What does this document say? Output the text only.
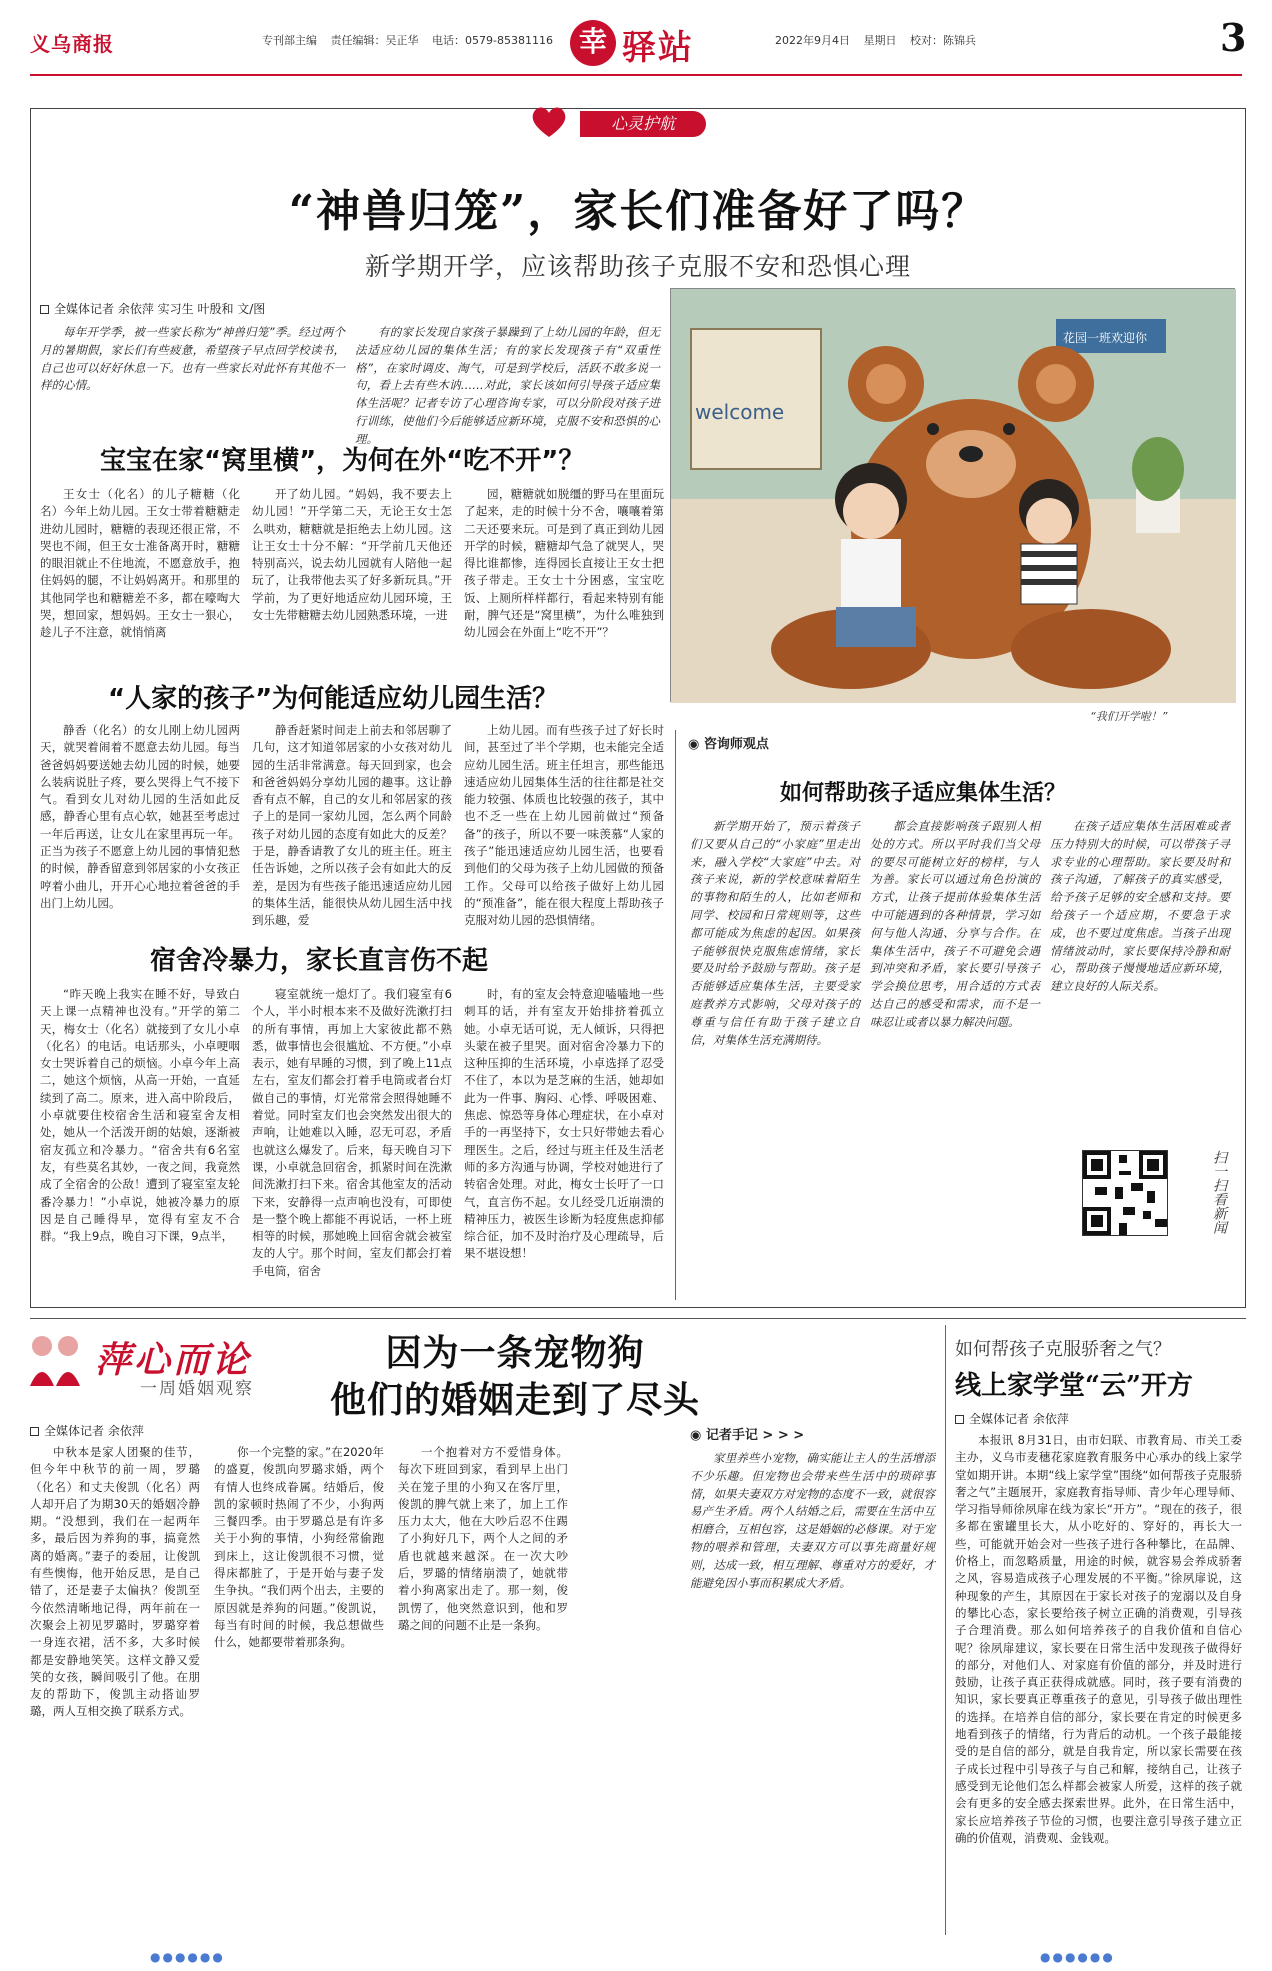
义乌商报	专刊部主编 责任编辑：吴正华 电话：0579-85381116 幸 驿站	2022年9月4日 星期日 校对：陈锦兵	3
心灵护航
“神兽归笼”，家长们准备好了吗？
新学期开学，应该帮助孩子克服不安和恐惧心理
全媒体记者 余依萍 实习生 叶殷和 文/图
每年开学季，被一些家长称为“神兽归笼”季。经过两个月的暑期假，家长们有些疲惫，希望孩子早点回学校读书，自己也可以好好休息一下。也有一些家长对此怀有其他不一样的心情。
有的家长发现自家孩子暴躁到了上幼儿园的年龄，但无法适应幼儿园的集体生活；有的家长发现孩子有“双重性格”，在家时调皮、淘气，可是到学校后，活跃不敢多说一句，看上去有些木讷……对此，家长该如何引导孩子适应集体生活呢？记者专访了心理咨询专家，可以分阶段对孩子进行训练，使他们今后能够适应新环境，克服不安和恐惧的心理。
宝宝在家“窝里横”，为何在外“吃不开”？
王女士（化名）的儿子糖糖（化名）今年上幼儿园。王女士带着糖糖走进幼儿园时，糖糖的表现还很正常，不哭也不闹，但王女士准备离开时，糖糖的眼泪就止不住地流，不愿意放手，抱住妈妈的腿，不让妈妈离开。和那里的其他同学也和糖糖差不多，都在嚎啕大哭，想回家，想妈妈。王女士一狠心，趁儿子不注意，就悄悄离
开了幼儿园。“妈妈，我不要去上幼儿园！”开学第二天，无论王女士怎么哄劝，糖糖就是拒绝去上幼儿园。这让王女士十分不解：“开学前几天他还特别高兴，说去幼儿园就有人陪他一起玩了，让我带他去买了好多新玩具。”开学前，为了更好地适应幼儿园环境，王女士先带糖糖去幼儿园熟悉环境，一进
园，糖糖就如脱缰的野马在里面玩了起来，走的时候十分不舍，嚷嚷着第二天还要来玩。可是到了真正到幼儿园开学的时候，糖糖却气急了就哭人，哭得比谁都惨，连得园长直接让王女士把孩子带走。王女士十分困惑，宝宝吃饭、上厕所样样都行，看起来特别有能耐，脾气还是“窝里横”，为什么唯独到幼儿园会在外面上“吃不开”？
“人家的孩子”为何能适应幼儿园生活？
静香（化名）的女儿刚上幼儿园两天，就哭着闹着不愿意去幼儿园。每当爸爸妈妈要送她去幼儿园的时候，她要么装病说肚子疼，要么哭得上气不接下气。看到女儿对幼儿园的生活如此反感，静香心里有点心软，她甚至考虑过一年后再送，让女儿在家里再玩一年。正当为孩子不愿意上幼儿园的事情犯愁的时候，静香留意到邻居家的小女孩正哼着小曲儿，开开心心地拉着爸爸的手出门上幼儿园。
静香赶紧时间走上前去和邻居聊了几句，这才知道邻居家的小女孩对幼儿园的生活非常满意。每天回到家，也会和爸爸妈妈分享幼儿园的趣事。这让静香有点不解，自己的女儿和邻居家的孩子上的是同一家幼儿园，怎么两个同龄孩子对幼儿园的态度有如此大的反差？于是，静香请教了女儿的班主任。班主任告诉她，之所以孩子会有如此大的反差，是因为有些孩子能迅速适应幼儿园的集体生活，能很快从幼儿园生活中找到乐趣，爱
上幼儿园。而有些孩子过了好长时间，甚至过了半个学期，也未能完全适应幼儿园生活。班主任坦言，那些能迅速适应幼儿园集体生活的往往都是社交能力较强、体质也比较强的孩子，其中也不乏一些在上幼儿园前做过“预备备”的孩子，所以不要一味羡慕“人家的孩子”能迅速适应幼儿园生活，也要看到他们的父母为孩子上幼儿园做的预备工作。父母可以给孩子做好上幼儿园的“预准备”，能在很大程度上帮助孩子克服对幼儿园的恐惧情绪。
宿舍冷暴力，家长直言伤不起
“昨天晚上我实在睡不好，导致白天上课一点精神也没有。”开学的第二天，梅女士（化名）就接到了女儿小卓（化名）的电话。电话那头，小卓哽咽女士哭诉着自己的烦恼。小卓今年上高二，她这个烦恼，从高一开始，一直延续到了高二。原来，进入高中阶段后，小卓就要住校宿舍生活和寝室舍友相处，她从一个活泼开朗的姑娘，逐渐被宿友孤立和冷暴力。“宿舍共有6名室友，有些莫名其妙，一夜之间，我竟然成了全宿舍的公敌！遭到了寝室室友轮番冷暴力！”小卓说，她被冷暴力的原因是自己睡得早，宽得有室友不合群。“我上9点，晚自习下课，9点半，
寝室就统一熄灯了。我们寝室有6个人，半小时根本来不及做好洗漱打扫的所有事情，再加上大家彼此都不熟悉，做事情也会很尴尬、不方便。”小卓表示，她有早睡的习惯，到了晚上11点左右，室友们都会打着手电筒或者台灯做自己的事情，灯光常常会照得她睡不着觉。同时室友们也会突然发出很大的声响，让她难以入睡，忍无可忍，矛盾也就这么爆发了。后来，每天晚自习下课，小卓就急回宿舍，抓紧时间在洗漱间洗漱打扫下来。宿舍其他室友的活动下来，安静得一点声响也没有，可即使是一整个晚上都能不再说话，一杯上班相等的时候，那她晚上回宿舍就会被室友的人宁。那个时间，室友们都会打着手电筒，宿舍
时，有的室友会特意迎嗑嗑地一些刺耳的话，并有室友开始排挤着孤立她。小卓无话可说，无人倾诉，只得把头蒙在被子里哭。面对宿舍冷暴力下的这种压抑的生活环境，小卓选择了忍受不住了，本以为是芝麻的生活，她却如此为一件事、胸闷、心悸、呼吸困难、焦虑、惊恐等身体心理症状，在小卓对手的一再坚持下，女士只好带她去看心理医生。之后，经过与班主任及生活老师的多方沟通与协调，学校对她进行了转宿舍处理。对此，梅女士长吁了一口气，直言伤不起。女儿经受几近崩溃的精神压力，被医生诊断为轻度焦虑抑郁综合征，加不及时治疗及心理疏导，后果不堪设想！
welcome
花园一班欢迎你
“我们开学啦！”
◉ 咨询师观点
如何帮助孩子适应集体生活？
新学期开始了，预示着孩子们又要从自己的“小家庭”里走出来，融入学校“大家庭”中去。对孩子来说，新的学校意味着陌生的事物和陌生的人，比如老师和同学、校园和日常规则等，这些都可能成为焦虑的起因。如果孩子能够很快克服焦虑情绪，家长要及时给予鼓励与帮助。孩子是否能够适应集体生活，主要受家庭教养方式影响，父母对孩子的尊重与信任有助于孩子建立自信，对集体生活充满期待。
都会直接影响孩子跟别人相处的方式。所以平时我们当父母的要尽可能树立好的榜样，与人为善。家长可以通过角色扮演的方式，让孩子提前体验集体生活中可能遇到的各种情景，学习如何与他人沟通、分享与合作。在集体生活中，孩子不可避免会遇到冲突和矛盾，家长要引导孩子学会换位思考，用合适的方式表达自己的感受和需求，而不是一味忍让或者以暴力解决问题。
在孩子适应集体生活困难或者压力特别大的时候，可以带孩子寻求专业的心理帮助。家长要及时和孩子沟通，了解孩子的真实感受，给予孩子足够的安全感和支持。要给孩子一个适应期，不要急于求成，也不要过度焦虑。当孩子出现情绪波动时，家长要保持冷静和耐心，帮助孩子慢慢地适应新环境，建立良好的人际关系。
扫一扫看新闻
萍心而论
一周婚姻观察
因为一条宠物狗
他们的婚姻走到了尽头
全媒体记者 余依萍
中秋本是家人团聚的佳节，但今年中秋节的前一周，罗璐（化名）和丈夫俊凯（化名）两人却开启了为期30天的婚姻冷静期。“没想到，我们在一起两年多，最后因为养狗的事，搞竟然离的婚离。”妻子的委屈，让俊凯有些懊悔，他开始反思，是自己错了，还是妻子太偏执？俊凯至今依然清晰地记得，两年前在一次聚会上初见罗璐时，罗璐穿着一身连衣裙，活不多，大多时候都是安静地笑笑。这样文静又爱笑的女孩，瞬间吸引了他。在朋友的帮助下，俊凯主动搭讪罗璐，两人互相交换了联系方式。
你一个完整的家。”在2020年的盛夏，俊凯向罗璐求婚，两个有情人也终成眷属。结婚后，俊凯的家顿时热闹了不少，小狗两三餐四季。由于罗璐总是有许多关于小狗的事情，小狗经常偷跑到床上，这让俊凯很不习惯，觉得床都脏了，于是开始与妻子发生争执。“我们两个出去，主要的原因就是养狗的问题。”俊凯说，每当有时间的时候，我总想做些什么，她都要带着那条狗。
一个抱着对方不爱惜身体。每次下班回到家，看到早上出门关在笼子里的小狗又在客厅里，俊凯的脾气就上来了，加上工作压力太大，他在大吵后忍不住踢了小狗好几下，两个人之间的矛盾也就越来越深。在一次大吵后，罗璐的情绪崩溃了，她就带着小狗离家出走了。那一刻，俊凯愣了，他突然意识到，他和罗璐之间的问题不止是一条狗。
◉ 记者手记 > > >
家里养些小宠物，确实能让主人的生活增添不少乐趣。但宠物也会带来些生活中的琐碎事情，如果夫妻双方对宠物的态度不一致，就很容易产生矛盾。两个人结婚之后，需要在生活中互相磨合，互相包容，这是婚姻的必修课。对于宠物的喂养和管理，夫妻双方可以事先商量好规则，达成一致，相互理解、尊重对方的爱好，才能避免因小事而积累成大矛盾。
如何帮孩子克服骄奢之气？
线上家学堂“云”开方
全媒体记者 余依萍
本报讯 8月31日，由市妇联、市教育局、市关工委主办，义乌市麦穗花家庭教育服务中心承办的线上家学堂如期开讲。本期“线上家学堂”围绕“如何帮孩子克服骄奢之气”主题展开，家庭教育指导师、青少年心理导师、学习指导师徐夙扉在线为家长“开方”。“现在的孩子，很多都在蜜罐里长大，从小吃好的、穿好的，再长大一些，可能就开始会对一些孩子进行各种攀比，在品牌、价格上，而忽略质量，用途的时候，就容易会养成骄奢之风，容易造成孩子心理发展的不平衡。”徐夙扉说，这种现象的产生，其原因在于家长对孩子的宠溺以及自身的攀比心态，家长要给孩子树立正确的消费观，引导孩子合理消费。那么如何培养孩子的自我价值和自信心呢？徐夙扉建议，家长要在日常生活中发现孩子做得好的部分，对他们人、对家庭有价值的部分，并及时进行鼓励，让孩子真正获得成就感。同时，孩子要有消费的知识，家长要真正尊重孩子的意见，引导孩子做出理性的选择。在培养自信的部分，家长要在肯定的时候更多地看到孩子的情绪，行为背后的动机。一个孩子最能接受的是自信的部分，就是自我肯定，所以家长需要在孩子成长过程中引导孩子与自己和解，接纳自己，让孩子感受到无论他们怎么样都会被家人所爱，这样的孩子就会有更多的安全感去探索世界。此外，在日常生活中，家长应培养孩子节俭的习惯，也要注意引导孩子建立正确的价值观，消费观、金钱观。
●●●●●●	●●●●●●
